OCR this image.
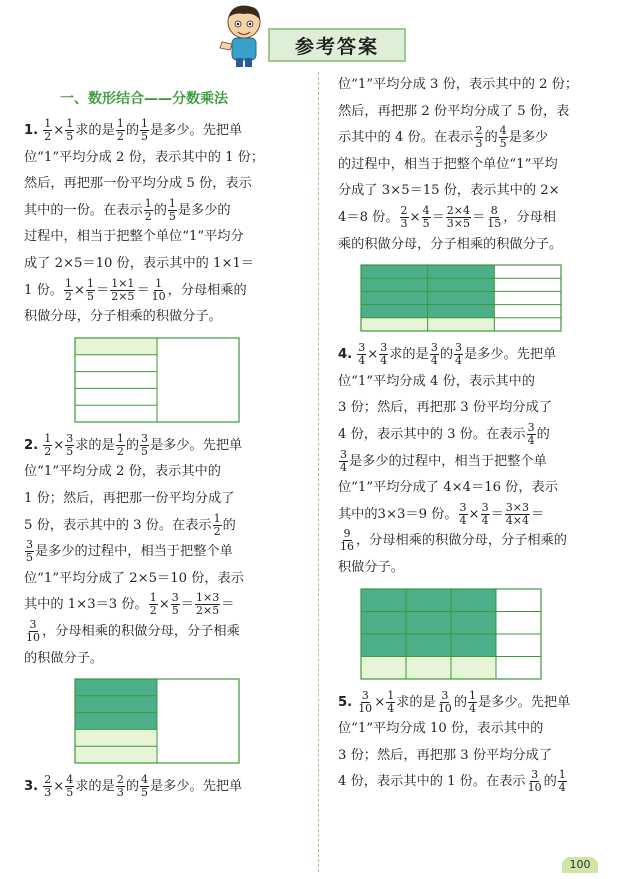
参考答案
一、数形结合——分数乘法
1. $\frac{1}{2} \times \frac{1}{5}$ 求的是 $\frac{1}{2}$ 的 $\frac{1}{5}$ 是多少。先把单
位“1”平均分成 2 份，表示其中的 1 份；
然后，再把那一份平均分成 5 份，表示
其中的一份。在表示 $\frac{1}{2}$ 的 $\frac{1}{5}$ 是多少的
过程中，相当于把整个单位“1”平均分
成了 2×5＝10 份，表示其中的 1×1＝
1 份。 $\frac{1}{2} \times \frac{1}{5} = \frac{1\times 1}{2\times 5} = \frac{1}{10}$ ，分母相乘的
积做分母，分子相乘的积做分子。
2. $\frac{1}{2} \times \frac{3}{5}$ 求的是 $\frac{1}{2}$ 的 $\frac{3}{5}$ 是多少。先把单
位“1”平均分成 2 份，表示其中的
1 份；然后，再把那一份平均分成了
5 份，表示其中的 3 份。在表示 $\frac{1}{2}$ 的
$\frac{3}{5}$ 是多少的过程中，相当于把整个单
位“1”平均分成了 2×5＝10 份，表示
其中的 1×3＝3 份。 $\frac{1}{2} \times \frac{3}{5} = \frac{1\times 3}{2\times 5}$ ＝
$\frac{3}{10}$ ，分母相乘的积做分母，分子相乘
的积做分子。
3. $\frac{2}{3} \times \frac{4}{5}$ 求的是 $\frac{2}{3}$ 的 $\frac{4}{5}$ 是多少。先把单
位“1”平均分成 3 份，表示其中的 2 份；
然后，再把那 2 份平均分成了 5 份，表
示其中的 4 份。在表示 $\frac{2}{3}$ 的 $\frac{4}{5}$ 是多少
的过程中，相当于把整个单位“1”平均
分成了 3×5＝15 份，表示其中的 2×
4＝8 份。 $\frac{2}{3} \times \frac{4}{5} = \frac{2\times 4}{3\times 5} = \frac{8}{15}$ ，分母相
乘的积做分母，分子相乘的积做分子。
4. $\frac{3}{4} \times \frac{3}{4}$ 求的是 $\frac{3}{4}$ 的 $\frac{3}{4}$ 是多少。先把单
位“1”平均分成 4 份，表示其中的
3 份；然后，再把那 3 份平均分成了
4 份，表示其中的 3 份。在表示 $\frac{3}{4}$ 的
$\frac{3}{4}$ 是多少的过程中，相当于把整个单
位“1”平均分成了 4×4＝16 份，表示
其中的3×3＝9 份。 $\frac{3}{4} \times \frac{3}{4} = \frac{3\times 3}{4\times 4}$ ＝
$\frac{9}{16}$ ，分母相乘的积做分母，分子相乘的
积做分子。
5. $\frac{3}{10} \times \frac{1}{4}$ 求的是 $\frac{3}{10}$ 的 $\frac{1}{4}$ 是多少。先把单
位“1”平均分成 10 份，表示其中的
3 份；然后，再把那 3 份平均分成了
4 份，表示其中的 1 份。在表示 $\frac{3}{10}$ 的 $\frac{1}{4}$
100
